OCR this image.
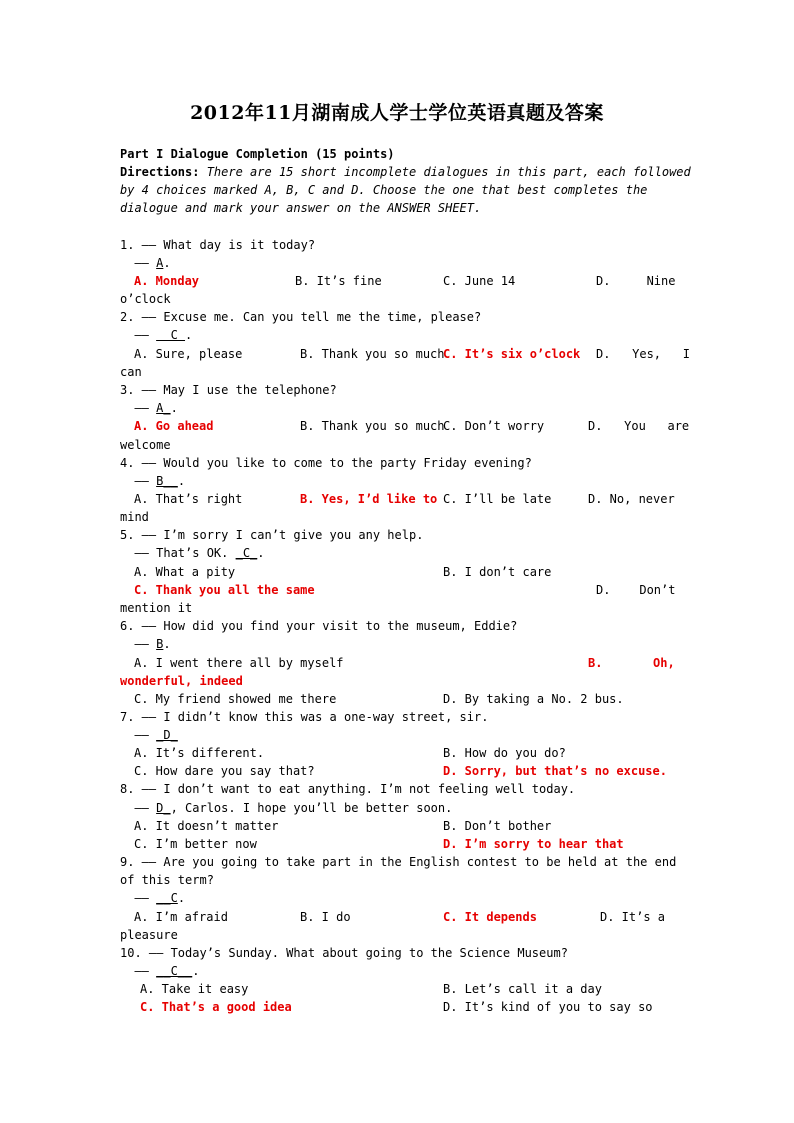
2012年11月湖南成人学士学位英语真题及答案
Part I Dialogue Completion (15 points)
Directions: There are 15 short incomplete dialogues in this part, each followed
by 4 choices marked A, B, C and D. Choose the one that best completes the
dialogue and mark your answer on the ANSWER SHEET.
1. —— What day is it today?
—— A.
A. Monday	B. It’s fine	C. June 14	D.     Nine
o’clock
2. —— Excuse me. Can you tell me the time, please?
——   C .
A. Sure, please	B. Thank you so much
C. It’s six o’clock D.   Yes,   I
can
3. —— May I use the telephone?
—— A_.
A. Go ahead	B. Thank you so much
C. Don’t worry	D.   You   are
welcome
4. —— Would you like to come to the party Friday evening?
—— B__.
A. That’s right	B. Yes, I’d like to C. I’ll be late	D. No, never
mind
5. —— I’m sorry I can’t give you any help.
—— That’s OK. _C_.
A. What a pity	B. I don’t care
C. Thank you all the same	D.    Don’t
mention it
6. —— How did you find your visit to the museum, Eddie?
—— B.
A. I went there all by myself	B.       Oh,
wonderful, indeed
C. My friend showed me there	D. By taking a No. 2 bus.
7. —— I didn’t know this was a one-way street, sir.
—— _D_
A. It’s different.	B. How do you do?
C. How dare you say that?	D. Sorry, but that’s no excuse.
8. —— I don’t want to eat anything. I’m not feeling well today.
—— D_, Carlos. I hope you’ll be better soon.
A. It doesn’t matter	B. Don’t bother
C. I’m better now	D. I’m sorry to hear that
9. —— Are you going to take part in the English contest to be held at the end
of this term?
—— __C.
A. I’m afraid	B. I do	C. It depends	D. It’s a
pleasure
10. —— Today’s Sunday. What about going to the Science Museum?
—— __C__.
A. Take it easy	B. Let’s call it a day
C. That’s a good idea	D. It’s kind of you to say so
